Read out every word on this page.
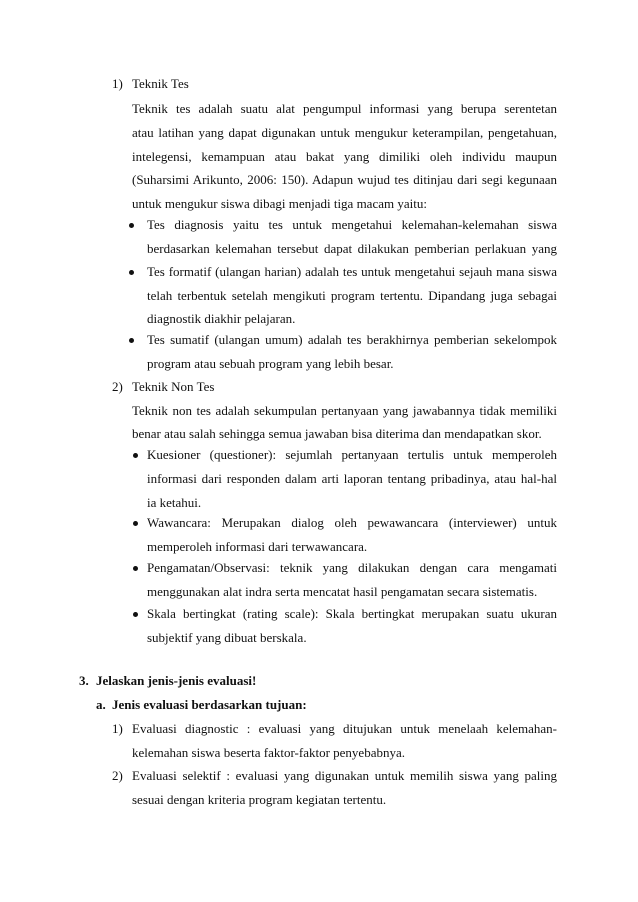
1) Teknik Tes
Teknik tes adalah suatu alat pengumpul informasi yang berupa serentetan
atau latihan yang dapat digunakan untuk mengukur keterampilan, pengetahuan,
intelegensi, kemampuan atau bakat yang dimiliki oleh individu maupun
(Suharsimi Arikunto, 2006: 150). Adapun wujud tes ditinjau dari segi kegunaan
untuk mengukur siswa dibagi menjadi tiga macam yaitu:
Tes diagnosis yaitu tes untuk mengetahui kelemahan-kelemahan siswa
berdasarkan kelemahan tersebut dapat dilakukan pemberian perlakuan yang
Tes formatif (ulangan harian) adalah tes untuk mengetahui sejauh mana siswa
telah terbentuk setelah mengikuti program tertentu. Dipandang juga sebagai
diagnostik diakhir pelajaran.
Tes sumatif (ulangan umum) adalah tes berakhirnya pemberian sekelompok
program atau sebuah program yang lebih besar.
2) Teknik Non Tes
Teknik non tes adalah sekumpulan pertanyaan yang jawabannya tidak memiliki
benar atau salah sehingga semua jawaban bisa diterima dan mendapatkan skor.
Kuesioner (questioner): sejumlah pertanyaan tertulis untuk memperoleh
informasi dari responden dalam arti laporan tentang pribadinya, atau hal-hal
ia ketahui.
Wawancara: Merupakan dialog oleh pewawancara (interviewer) untuk
memperoleh informasi dari terwawancara.
Pengamatan/Observasi: teknik yang dilakukan dengan cara mengamati
menggunakan alat indra serta mencatat hasil pengamatan secara sistematis.
Skala bertingkat (rating scale): Skala bertingkat merupakan suatu ukuran
subjektif yang dibuat berskala.
3. Jelaskan jenis-jenis evaluasi!
a. Jenis evaluasi berdasarkan tujuan:
1) Evaluasi diagnostic : evaluasi yang ditujukan untuk menelaah kelemahan-
kelemahan siswa beserta faktor-faktor penyebabnya.
2) Evaluasi selektif : evaluasi yang digunakan untuk memilih siswa yang paling
sesuai dengan kriteria program kegiatan tertentu.
